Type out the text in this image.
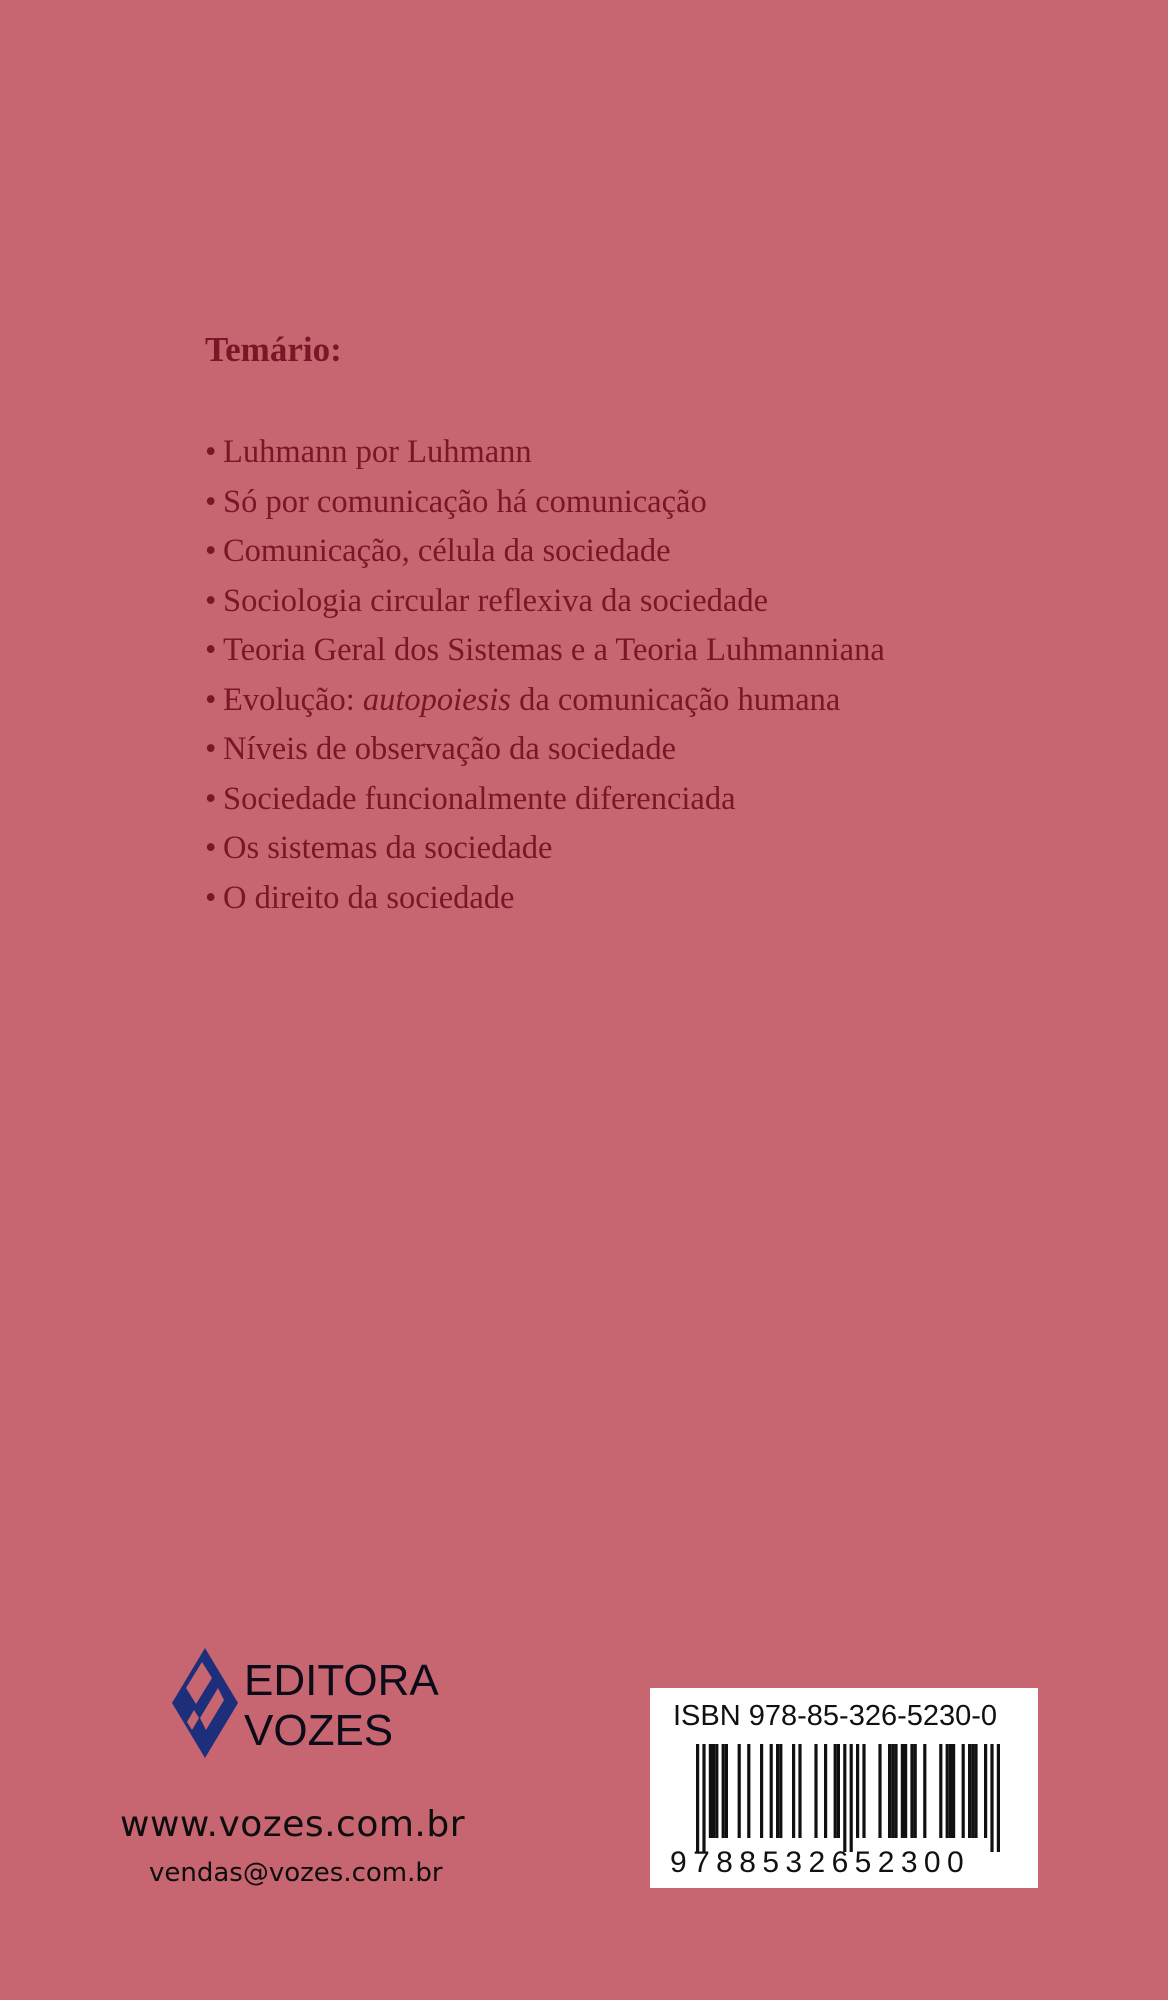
Temário:
• Luhmann por Luhmann
• Só por comunicação há comunicação
• Comunicação, célula da sociedade
• Sociologia circular reflexiva da sociedade
• Teoria Geral dos Sistemas e a Teoria Luhmanniana
• Evolução: autopoiesis da comunicação humana
• Níveis de observação da sociedade
• Sociedade funcionalmente diferenciada
• Os sistemas da sociedade
• O direito da sociedade
EDITORA
VOZES
www.vozes.com.br
vendas@vozes.com.br
ISBN 978-85-326-5230-0
9788532652300
